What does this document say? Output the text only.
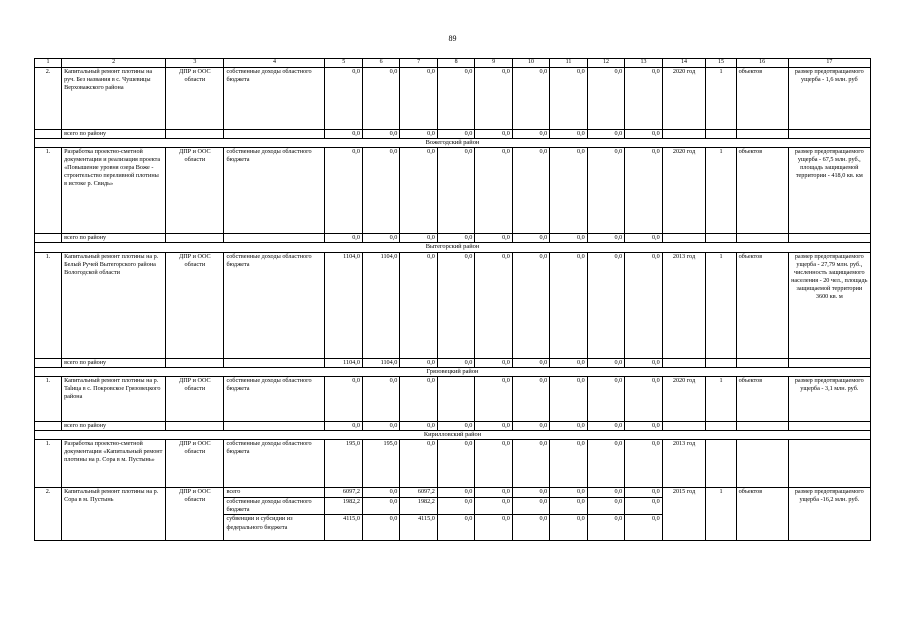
89
1	2	3	4	5	6	7	8	9	10	11	12	13	14	15	16	17
2.	Капитальный ремонт плотины на руч. Без названия в с. Чушевицы Верховажского района	ДПР и ООС области	собственные доходы областного бюджета	0,0	0,0	0,0	0,0	0,0	0,0	0,0	0,0	0,0	2020 год	1	объектов	размер предотвращаемого ущерба - 1,6 млн. руб
	всего по району			0,0	0,0	0,0	0,0	0,0	0,0	0,0	0,0	0,0				
Вожегодский район																
1.	Разработка проектно-сметной документации и реализация проекта «Повышение уровня озера Воже - строительство переливной плотины в истоке р. Свидь»	ДПР и ООС области	собственные доходы областного бюджета	0,0	0,0	0,0	0,0	0,0	0,0	0,0	0,0	0,0	2020 год	1	объектов	размер предотвращаемого ущерба - 67,5 млн. руб., площадь защищаемой территории - 418,0 кв. км
	всего по району			0,0	0,0	0,0	0,0	0,0	0,0	0,0	0,0	0,0				
Вытегорский район																
1.	Капитальный ремонт плотины на р. Белый Ручей Вытегорского района Вологодской области	ДПР и ООС области	собственные доходы областного бюджета	1104,0	1104,0	0,0	0,0	0,0	0,0	0,0	0,0	0,0	2013 год	1	объектов	размер предотвращаемого ущерба - 27,79 млн. руб., численность защищаемого населения - 20 чел., площадь защищаемой территории 3600 кв. м
	всего по району			1104,0	1104,0	0,0	0,0	0,0	0,0	0,0	0,0	0,0				
Грязовецкий район																
1.	Капитальный ремонт плотины на р. Talица в с. Покровское Грязовецкого района	ДПР и ООС области	собственные доходы областного бюджета	0,0	0,0	0,0		0,0	0,0	0,0	0,0	0,0	2020 год	1	объектов	размер предотвращаемого ущерба - 3,1 млн. руб.
	всего по району			0,0	0,0	0,0	0,0	0,0	0,0	0,0	0,0	0,0				
Кирилловский район																
1.	Разработка проектно-сметной документации «Капитальный ремонт плотины на р. Сора в м. Пустынь»	ДПР и ООС области	собственные доходы областного бюджета	195,0	195,0	0,0	0,0	0,0	0,0	0,0	0,0	0,0	2013 год			
2.	Капитальный ремонт плотины на р. Сора в м. Пустынь	ДПР и ООС области	всего	6097,2	0,0	6097,2	0,0	0,0	0,0	0,0	0,0	0,0	2015 год	1	объектов	размер предотвращаемого ущерба -16,2 млн. руб.
			собственные доходы областного бюджета	1982,2	0,0	1982,2	0,0	0,0	0,0	0,0	0,0	0,0				
			субвенции и субсидии из федерального бюджета	4115,0	0,0	4115,0	0,0	0,0	0,0	0,0	0,0	0,0				
